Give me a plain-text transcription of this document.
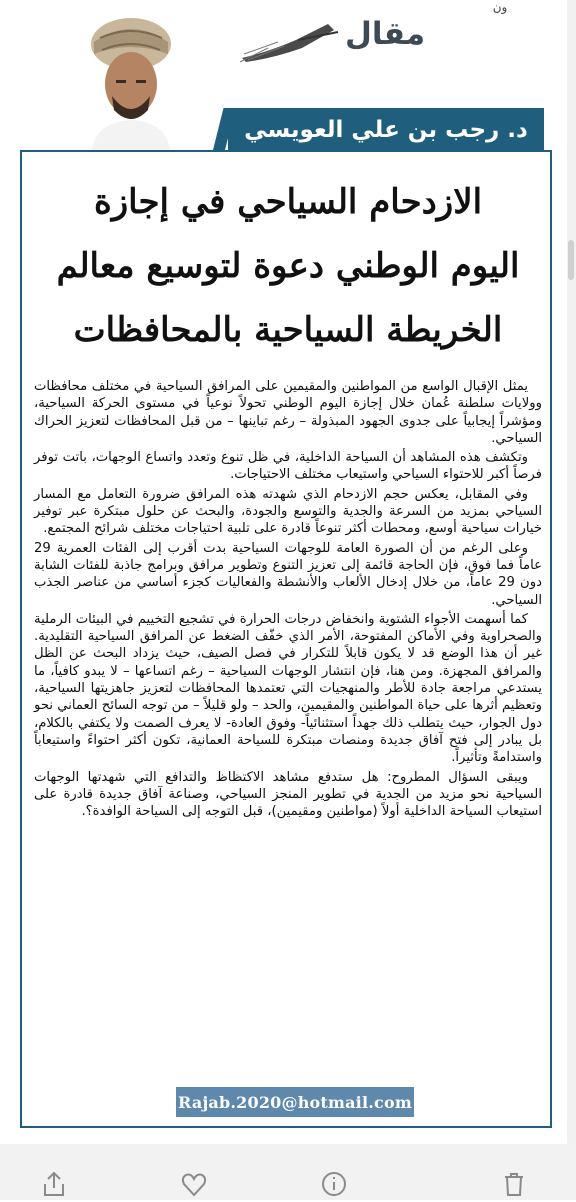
ون
مقال
د. رجب بن علي العويسي
الازدحام السياحي في إجازة
اليوم الوطني دعوة لتوسيع معالم
الخريطة السياحية بالمحافظات

يمثل الإقبال الواسع من المواطنين والمقيمين على المرافق السياحية في مختلف محافظات وولايات سلطنة عُمان خلال إجازة اليوم الوطني تحولاً نوعياً في مستوى الحركة السياحية، ومؤشراً إيجابياً على جدوى الجهود المبذولة – رغم تباينها – من قبل المحافظات لتعزيز الحراك السياحي.

وتكشف هذه المشاهد أن السياحة الداخلية، في ظل تنوع وتعدد واتساع الوجهات، باتت توفر فرصاً أكبر للاحتواء السياحي واستيعاب مختلف الاحتياجات.

وفي المقابل، يعكس حجم الازدحام الذي شهدته هذه المرافق ضرورة التعامل مع المسار السياحي بمزيد من السرعة والجدية والتوسع والجودة، والبحث عن حلول مبتكرة عبر توفير خيارات سياحية أوسع، ومحطات أكثر تنوعاً قادرة على تلبية احتياجات مختلف شرائح المجتمع.

وعلى الرغم من أن الصورة العامة للوجهات السياحية بدت أقرب إلى الفئات العمرية 29 عاماً فما فوق، فإن الحاجة قائمة إلى تعزيز التنوع وتطوير مرافق وبرامج جاذبة للفئات الشابة دون 29 عاماً، من خلال إدخال الألعاب والأنشطة والفعاليات كجزء أساسي من عناصر الجذب السياحي.

كما أسهمت الأجواء الشتوية وانخفاض درجات الحرارة في تشجيع التخييم في البيئات الرملية والصحراوية وفي الأماكن المفتوحة، الأمر الذي خفّف الضغط عن المرافق السياحية التقليدية. غير أن هذا الوضع قد لا يكون قابلاً للتكرار في فصل الصيف، حيث يزداد البحث عن الظل والمرافق المجهزة. ومن هنا، فإن انتشار الوجهات السياحية – رغم اتساعها – لا يبدو كافياً، ما يستدعي مراجعة جادة للأطر والمنهجيات التي تعتمدها المحافظات لتعزيز جاهزيتها السياحية، وتعظيم أثرها على حياة المواطنين والمقيمين، والحد – ولو قليلاً – من توجه السائح العماني نحو دول الجوار، حيث يتطلب ذلك جهداً استثنائياً- وفوق العادة- لا يعرف الصمت ولا يكتفي بالكلام، بل يبادر إلى فتح آفاق جديدة ومنصات مبتكرة للسياحة العمانية، تكون أكثر احتواءً واستيعاباً واستدامةً وتأثيراً.

ويبقى السؤال المطروح: هل ستدفع مشاهد الاكتظاظ والتدافع التي شهدتها الوجهات السياحية نحو مزيد من الجدية في تطوير المنجز السياحي، وصناعة آفاق جديدة قادرة على استيعاب السياحة الداخلية أولاً (مواطنين ومقيمين)، قبل التوجه إلى السياحة الوافدة؟.

Rajab.2020@hotmail.com
